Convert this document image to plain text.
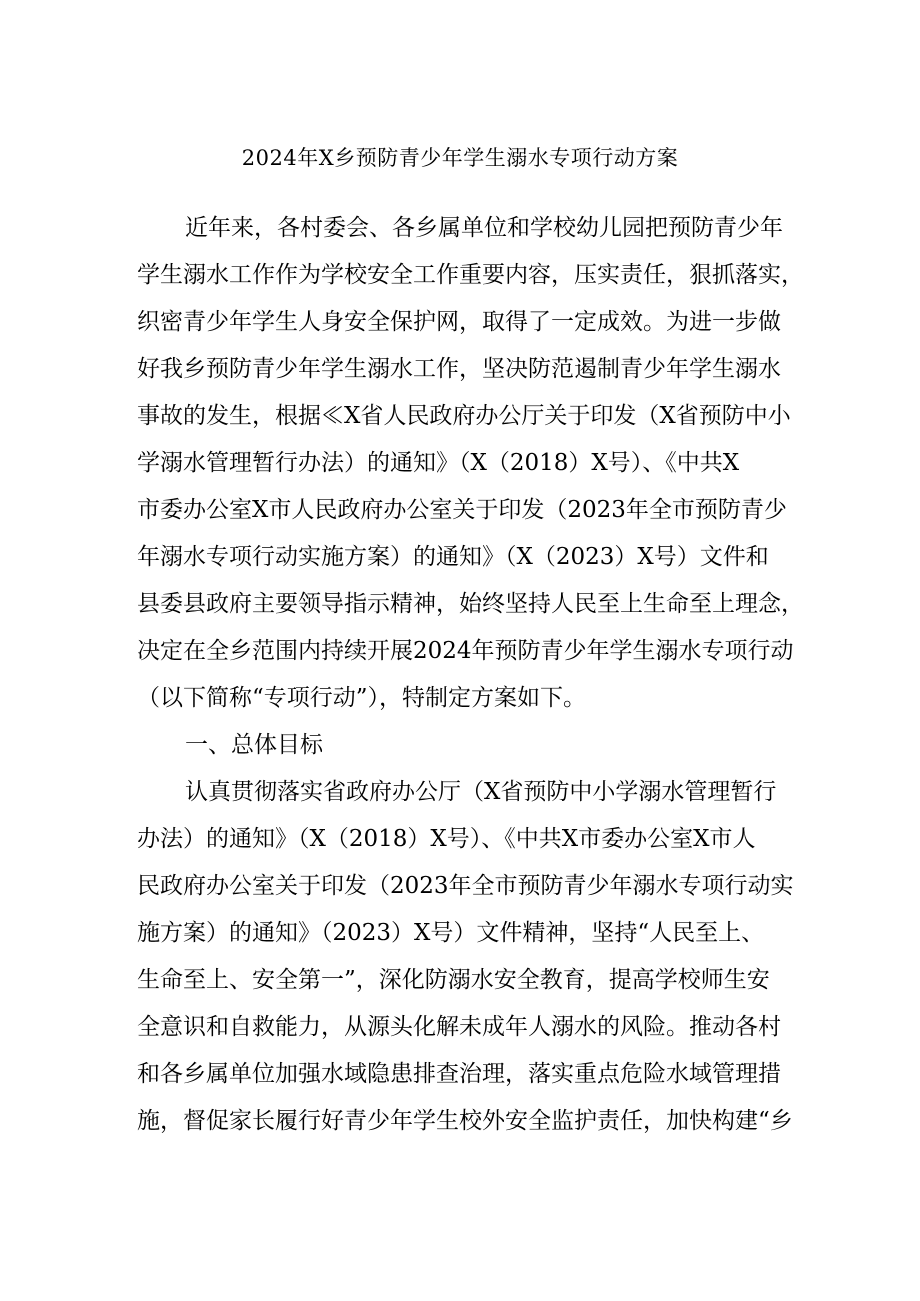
2024年X乡预防青少年学生溺水专项行动方案
近年来，各村委会、各乡属单位和学校幼儿园把预防青少年
学生溺水工作作为学校安全工作重要内容，压实责任，狠抓落实，
织密青少年学生人身安全保护网，取得了一定成效。为进一步做
好我乡预防青少年学生溺水工作，坚决防范遏制青少年学生溺水
事故的发生，根据≪X省人民政府办公厅关于印发（X省预防中小
学溺水管理暂行办法）的通知》（X（2018）X号）、《中共X
市委办公室X市人民政府办公室关于印发（2023年全市预防青少
年溺水专项行动实施方案）的通知》（X（2023）X号）文件和
县委县政府主要领导指示精神，始终坚持人民至上生命至上理念，
决定在全乡范围内持续开展2024年预防青少年学生溺水专项行动
（以下简称“专项行动”），特制定方案如下。
一、总体目标
认真贯彻落实省政府办公厅（X省预防中小学溺水管理暂行
办法）的通知》（X（2018）X号）、《中共X市委办公室X市人
民政府办公室关于印发（2023年全市预防青少年溺水专项行动实
施方案）的通知》（2023）X号）文件精神，坚持“人民至上、
生命至上、安全第一”，深化防溺水安全教育，提高学校师生安
全意识和自救能力，从源头化解未成年人溺水的风险。推动各村
和各乡属单位加强水域隐患排查治理，落实重点危险水域管理措
施，督促家长履行好青少年学生校外安全监护责任，加快构建“乡
